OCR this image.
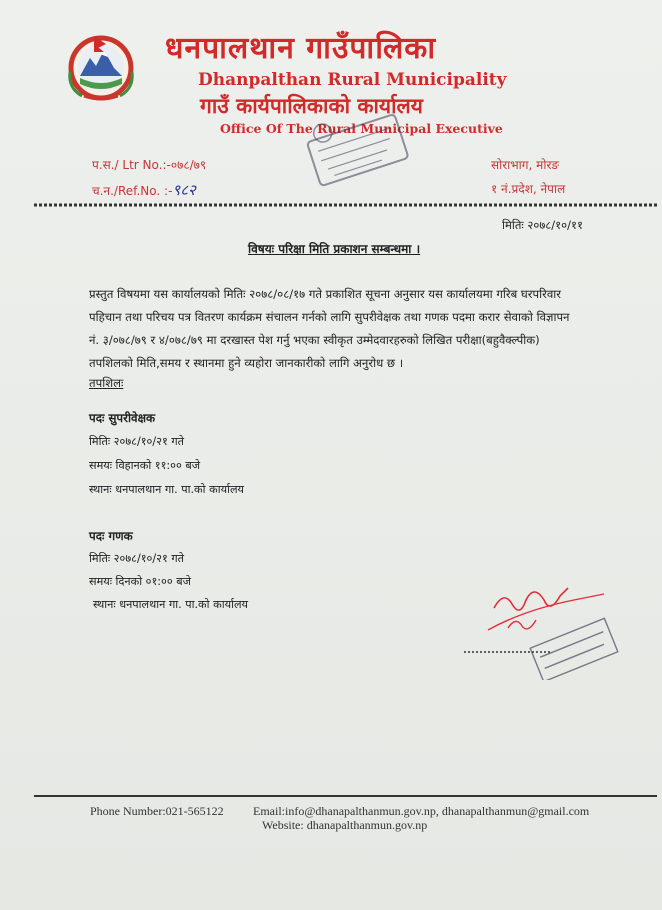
धनपालथान गाउँपालिका
Dhanpalthan Rural Municipality
गाउँ कार्यपालिकाको कार्यालय
Office Of The Rural Municipal Executive
प.स./ Ltr No.:-०७८/७९
च.न./Ref.No. :-९८२
सोराभाग, मोरङ
१ नं.प्रदेश, नेपाल
मितिः २०७८/१०/११
विषयः परिक्षा मिति प्रकाशन सम्बन्धमा ।
प्रस्तुत विषयमा यस कार्यालयको मितिः २०७८/०८/१७ गते प्रकाशित सूचना अनुसार यस कार्यालयमा गरिब घरपरिवार
पहिचान तथा परिचय पत्र वितरण कार्यक्रम संचालन गर्नको लागि सुपरीवेक्षक तथा गणक पदमा करार सेवाको विज्ञापन
नं. ३/०७८/७९ र ४/०७८/७९ मा दरखास्त पेश गर्नु भएका स्वीकृत उम्मेदवारहरुको लिखित परीक्षा(बहुवैक्ल्पीक)
तपशिलको मिति,समय र स्थानमा हुने व्यहोरा जानकारीको लागि अनुरोध छ ।
तपशिलः
पदः सुपरीवेक्षक
मितिः २०७८/१०/२१ गते
समयः विहानको ११:०० बजे
स्थानः धनपालथान गा. पा.को कार्यालय
पदः गणक
मितिः २०७८/१०/२१ गते
समयः दिनको ०१:०० बजे
स्थानः धनपालथान गा. पा.को कार्यालय
Phone Number:021-565122 Email:info@dhanapalthanmun.gov.np, dhanapalthanmun@gmail.com
Website: dhanapalthanmun.gov.np
